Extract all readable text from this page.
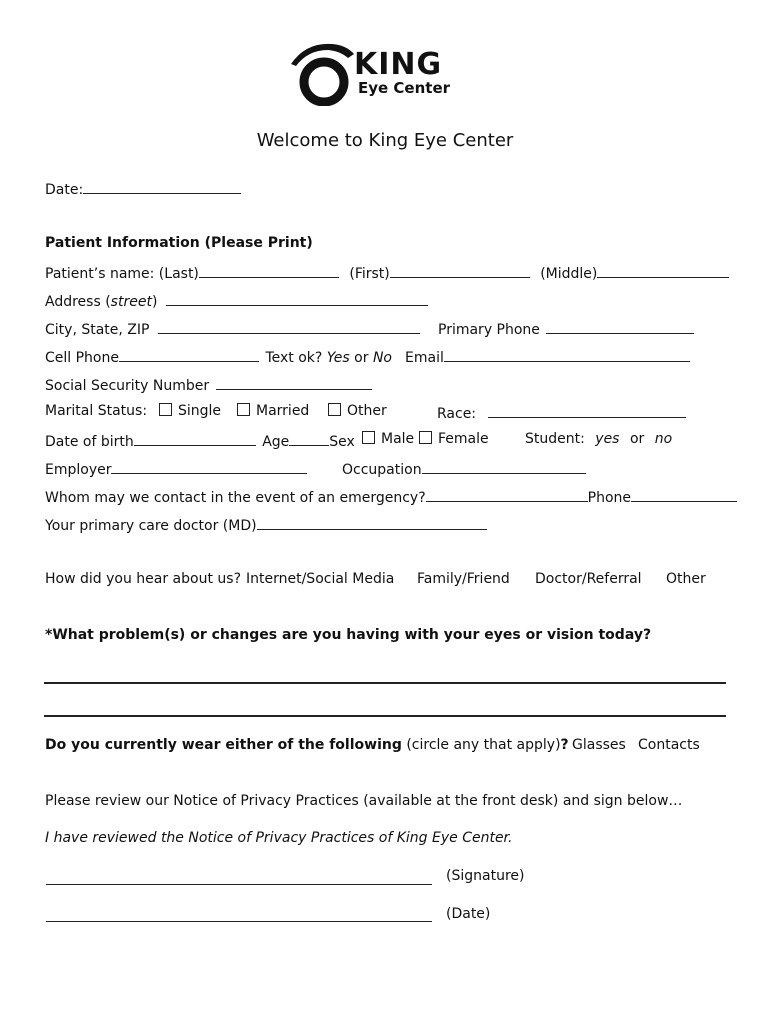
KING
Eye Center
Welcome to King Eye Center
Date:
Patient Information (Please Print)
Patient’s name: (Last)	(First)	(Middle)
Address (street)
City, State, ZIP	Primary Phone
Cell Phone	Text ok? Yes or No Email
Social Security Number
Marital Status:	Single	Married	Other	Race:
Date of birth	Age	Sex	Male	Female	Student: yes or no
Employer	Occupation
Whom may we contact in the event of an emergency?	Phone
Your primary care doctor (MD)
How did you hear about us? Internet/Social Media Family/Friend Doctor/Referral Other
*What problem(s) or changes are you having with your eyes or vision today?
Do you currently wear either of the following (circle any that apply)? Glasses Contacts
Please review our Notice of Privacy Practices (available at the front desk) and sign below…
I have reviewed the Notice of Privacy Practices of King Eye Center.
(Signature)
(Date)
